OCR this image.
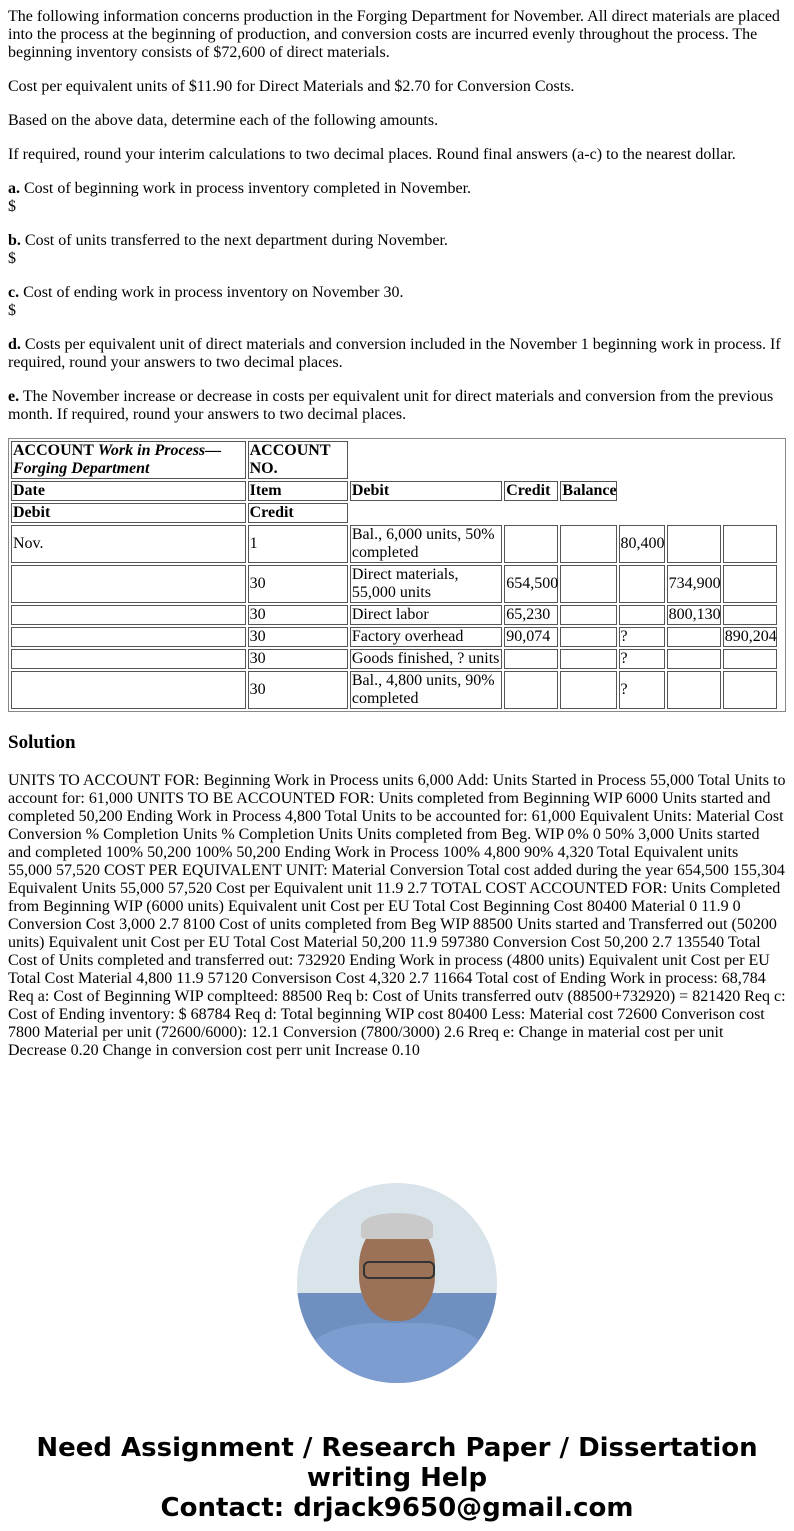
The following information concerns production in the Forging Department for November. All direct materials are placed into the process at the beginning of production, and conversion costs are incurred evenly throughout the process. The beginning inventory consists of $72,600 of direct materials.

Cost per equivalent units of $11.90 for Direct Materials and $2.70 for Conversion Costs.

Based on the above data, determine each of the following amounts.

If required, round your interim calculations to two decimal places. Round final answers (a-c) to the nearest dollar.

a. Cost of beginning work in process inventory completed in November.
$

b. Cost of units transferred to the next department during November.
$

c. Cost of ending work in process inventory on November 30.
$

d. Costs per equivalent unit of direct materials and conversion included in the November 1 beginning work in process. If required, round your answers to two decimal places.

e. The November increase or decrease in costs per equivalent unit for direct materials and conversion from the previous month. If required, round your answers to two decimal places.

ACCOUNT Work in Process—Forging Department	ACCOUNT NO.							
Date	Item	Debit	Credit	Balance				
Debit	Credit							
Nov.	1	Bal., 6,000 units, 50% completed			80,400			
	30	Direct materials, 55,000 units	654,500			734,900		
	30	Direct labor	65,230			800,130		
	30	Factory overhead	90,074		?		890,204	
	30	Goods finished, ? units			?			
	30	Bal., 4,800 units, 90% completed			?			
Solution
UNITS TO ACCOUNT FOR: Beginning Work in Process units 6,000 Add: Units Started in Process 55,000 Total Units to account for: 61,000 UNITS TO BE ACCOUNTED FOR: Units completed from Beginning WIP 6000 Units started and completed 50,200 Ending Work in Process 4,800 Total Units to be accounted for: 61,000 Equivalent Units: Material Cost Conversion % Completion Units % Completion Units Units completed from Beg. WIP 0% 0 50% 3,000 Units started and completed 100% 50,200 100% 50,200 Ending Work in Process 100% 4,800 90% 4,320 Total Equivalent units 55,000 57,520 COST PER EQUIVALENT UNIT: Material Conversion Total cost added during the year 654,500 155,304 Equivalent Units 55,000 57,520 Cost per Equivalent unit 11.9 2.7 TOTAL COST ACCOUNTED FOR: Units Completed from Beginning WIP (6000 units) Equivalent unit Cost per EU Total Cost Beginning Cost 80400 Material 0 11.9 0 Conversion Cost 3,000 2.7 8100 Cost of units completed from Beg WIP 88500 Units started and Transferred out (50200 units) Equivalent unit Cost per EU Total Cost Material 50,200 11.9 597380 Conversion Cost 50,200 2.7 135540 Total Cost of Units completed and transferred out: 732920 Ending Work in process (4800 units) Equivalent unit Cost per EU Total Cost Material 4,800 11.9 57120 Conversison Cost 4,320 2.7 11664 Total cost of Ending Work in process: 68,784 Req a: Cost of Beginning WIP complteed: 88500 Req b: Cost of Units transferred outv (88500+732920) = 821420 Req c: Cost of Ending inventory: $ 68784 Req d: Total beginning WIP cost 80400 Less: Material cost 72600 Converison cost 7800 Material per unit (72600/6000): 12.1 Conversion (7800/3000) 2.6 Rreq e: Change in material cost per unit Decrease 0.20 Change in conversion cost perr unit Increase 0.10
Need Assignment / Research Paper / Dissertation writing Help
Contact: drjack9650@gmail.com
